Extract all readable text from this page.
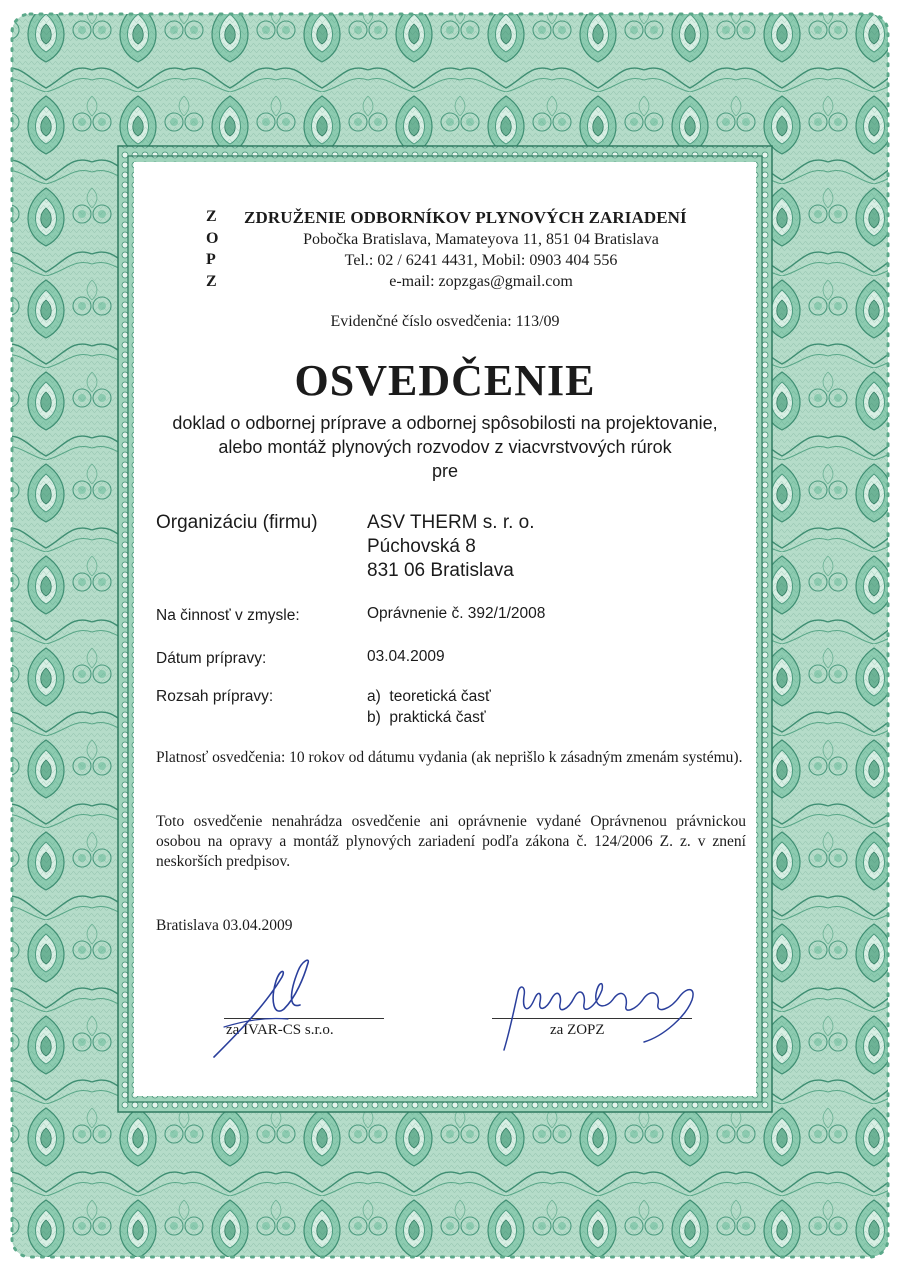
Z
O
P
Z
ZDRUŽENIE ODBORNÍKOV PLYNOVÝCH ZARIADENÍ
Pobočka Bratislava, Mamateyova 11, 851 04 Bratislava
Tel.: 02 / 6241 4431, Mobil: 0903 404 556
e-mail: zopzgas@gmail.com
Evidenčné číslo osvedčenia: 113/09
OSVEDČENIE
doklad o odbornej príprave a odbornej spôsobilosti na projektovanie,
alebo montáž plynových rozvodov z viacvrstvových rúrok
pre
Organizáciu (firmu)	ASV THERM s. r. o.
Púchovská 8
831 06 Bratislava
Na činnosť v zmysle:	Oprávnenie č. 392/1/2008
Dátum prípravy:	03.04.2009
Rozsah prípravy:	a)  teoretická časť
b)  praktická časť
Platnosť osvedčenia: 10 rokov od dátumu vydania (ak neprišlo k zásadným zmenám systému).
Toto osvedčenie nenahrádza osvedčenie ani oprávnenie vydané Oprávnenou právnickou osobou na opravy a montáž plynových zariadení podľa zákona č. 124/2006 Z. z. v znení neskorších predpisov.
Bratislava 03.04.2009
za IVAR-CS s.r.o.	za ZOPZ
